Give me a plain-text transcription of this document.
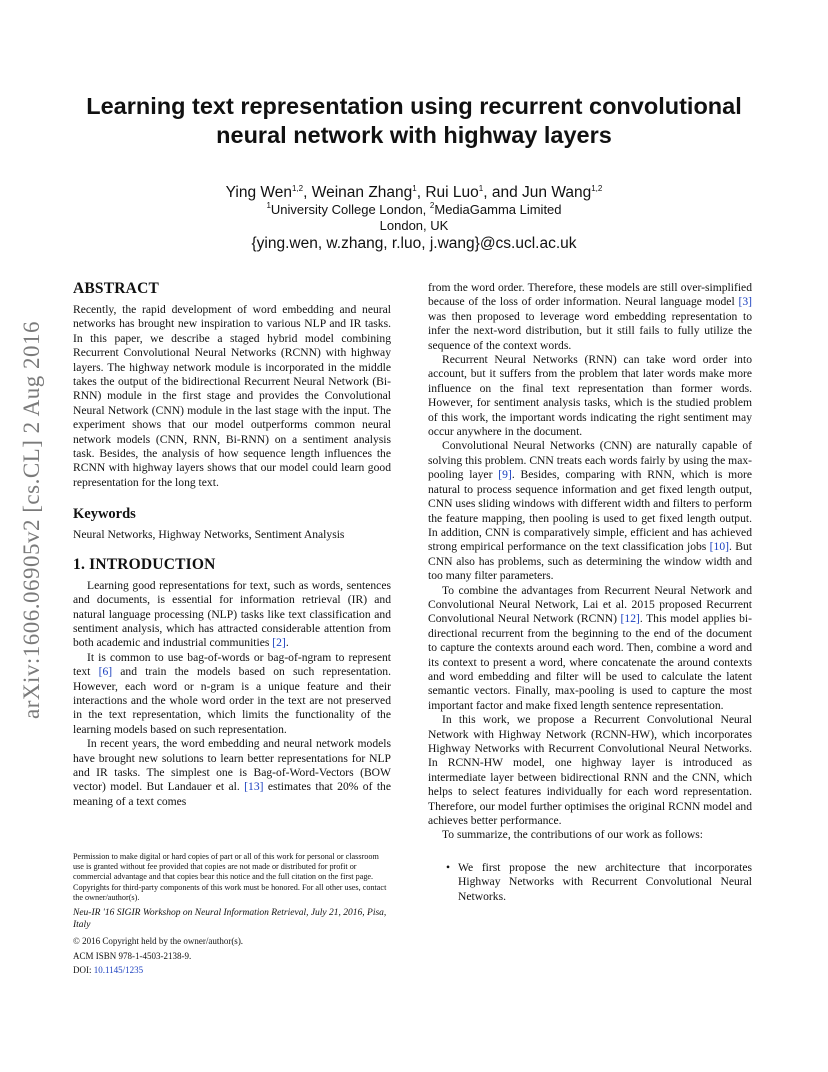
arXiv:1606.06905v2 [cs.CL] 2 Aug 2016
Learning text representation using recurrent convolutional
neural network with highway layers
Ying Wen$^{1,2}$, Weinan Zhang$^1$, Rui Luo$^1$, and Jun Wang$^{1,2}$
$^1$University College London, $^2$MediaGamma Limited
London, UK
{ying.wen, w.zhang, r.luo, j.wang}@cs.ucl.ac.uk
ABSTRACT

Recently, the rapid development of word embedding and neural networks has brought new inspiration to various NLP and IR tasks. In this paper, we describe a staged hybrid model combining Recurrent Convolutional Neural Networks (RCNN) with highway layers. The highway network module is incorporated in the middle takes the output of the bidirectional Recurrent Neural Network (Bi-RNN) module in the first stage and provides the Convolutional Neural Network (CNN) module in the last stage with the input. The experiment shows that our model outperforms common neural network models (CNN, RNN, Bi-RNN) on a sentiment analysis task. Besides, the analysis of how sequence length influences the RCNN with highway layers shows that our model could learn good representation for the long text.

Keywords

Neural Networks, Highway Networks, Sentiment Analysis

1. INTRODUCTION

Learning good representations for text, such as words, sentences and documents, is essential for information retrieval (IR) and natural language processing (NLP) tasks like text classification and sentiment analysis, which has attracted considerable attention from both academic and industrial communities [2].

It is common to use bag-of-words or bag-of-ngram to represent text [6] and train the models based on such representation. However, each word or n-gram is a unique feature and their interactions and the whole word order in the text are not preserved in the text representation, which limits the functionality of the learning models based on such representation.

In recent years, the word embedding and neural network models have brought new solutions to learn better representations for NLP and IR tasks. The simplest one is Bag-of-Word-Vectors (BOW vector) model. But Landauer et al. [13] estimates that 20% of the meaning of a text comes

Permission to make digital or hard copies of part or all of this work for personal or classroom use is granted without fee provided that copies are not made or distributed for profit or commercial advantage and that copies bear this notice and the full citation on the first page. Copyrights for third-party components of this work must be honored. For all other uses, contact the owner/author(s).

Neu-IR '16 SIGIR Workshop on Neural Information Retrieval, July 21, 2016, Pisa, Italy

© 2016 Copyright held by the owner/author(s).

ACM ISBN 978-1-4503-2138-9.

DOI: 10.1145/1235

from the word order. Therefore, these models are still over-simplified because of the loss of order information. Neural language model [3] was then proposed to leverage word embedding representation to infer the next-word distribution, but it still fails to fully utilize the sequence of the context words.

Recurrent Neural Networks (RNN) can take word order into account, but it suffers from the problem that later words make more influence on the final text representation than former words. However, for sentiment analysis tasks, which is the studied problem of this work, the important words indicating the right sentiment may occur anywhere in the document.

Convolutional Neural Networks (CNN) are naturally capable of solving this problem. CNN treats each words fairly by using the max-pooling layer [9]. Besides, comparing with RNN, which is more natural to process sequence information and get fixed length output, CNN uses sliding windows with different width and filters to perform the feature mapping, then pooling is used to get fixed length output. In addition, CNN is comparatively simple, efficient and has achieved strong empirical performance on the text classification jobs [10]. But CNN also has problems, such as determining the window width and too many filter parameters.

To combine the advantages from Recurrent Neural Network and Convolutional Neural Network, Lai et al. 2015 proposed Recurrent Convolutional Neural Network (RCNN) [12]. This model applies bi-directional recurrent from the beginning to the end of the document to capture the contexts around each word. Then, combine a word and its context to present a word, where concatenate the around contexts and word embedding and filter will be used to calculate the latent semantic vectors. Finally, max-pooling is used to capture the most important factor and make fixed length sentence representation.

In this work, we propose a Recurrent Convolutional Neural Network with Highway Network (RCNN-HW), which incorporates Highway Networks with Recurrent Convolutional Neural Networks. In RCNN-HW model, one highway layer is introduced as intermediate layer between bidirectional RNN and the CNN, which helps to select features individually for each word representation. Therefore, our model further optimises the original RCNN model and achieves better performance.

To summarize, the contributions of our work as follows:

• We first propose the new architecture that incorporates Highway Networks with Recurrent Convolutional Neural Networks.
